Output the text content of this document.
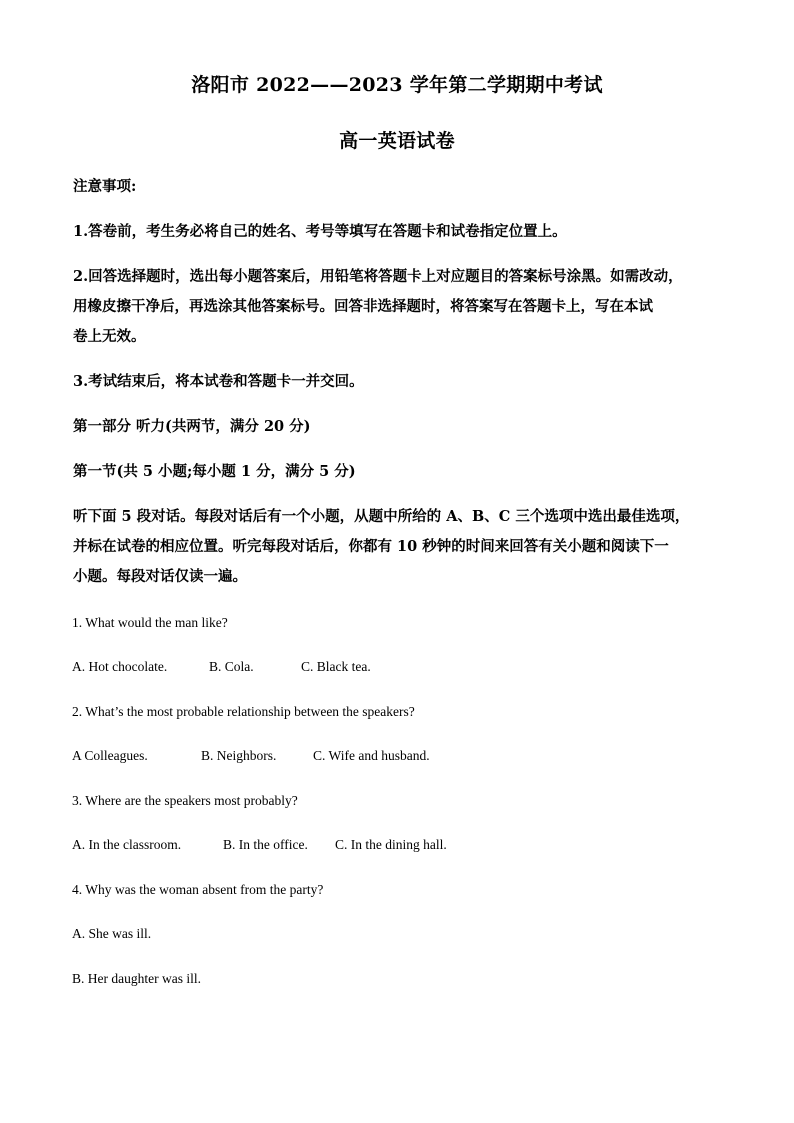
洛阳市 2022——2023 学年第二学期期中考试
高一英语试卷
注意事项:
1.答卷前，考生务必将自己的姓名、考号等填写在答题卡和试卷指定位置上。
2.回答选择题时，选出每小题答案后，用铅笔将答题卡上对应题目的答案标号涂黑。如需改动，
用橡皮擦干净后，再选涂其他答案标号。回答非选择题时，将答案写在答题卡上，写在本试
卷上无效。
3.考试结束后，将本试卷和答题卡一并交回。
第一部分 听力(共两节，满分 20 分)
第一节(共 5 小题;每小题 1 分，满分 5 分)
听下面 5 段对话。每段对话后有一个小题，从题中所给的 A、B、C 三个选项中选出最佳选项，
并标在试卷的相应位置。听完每段对话后，你都有 10 秒钟的时间来回答有关小题和阅读下一
小题。每段对话仅读一遍。
1. What would the man like?
A. Hot chocolate.	B. Cola.	C. Black tea.
2. What’s the most probable relationship between the speakers?
A Colleagues.	B. Neighbors.	C. Wife and husband.
3. Where are the speakers most probably?
A. In the classroom.	B. In the office. C. In the dining hall.
4. Why was the woman absent from the party?
A. She was ill.
B. Her daughter was ill.
